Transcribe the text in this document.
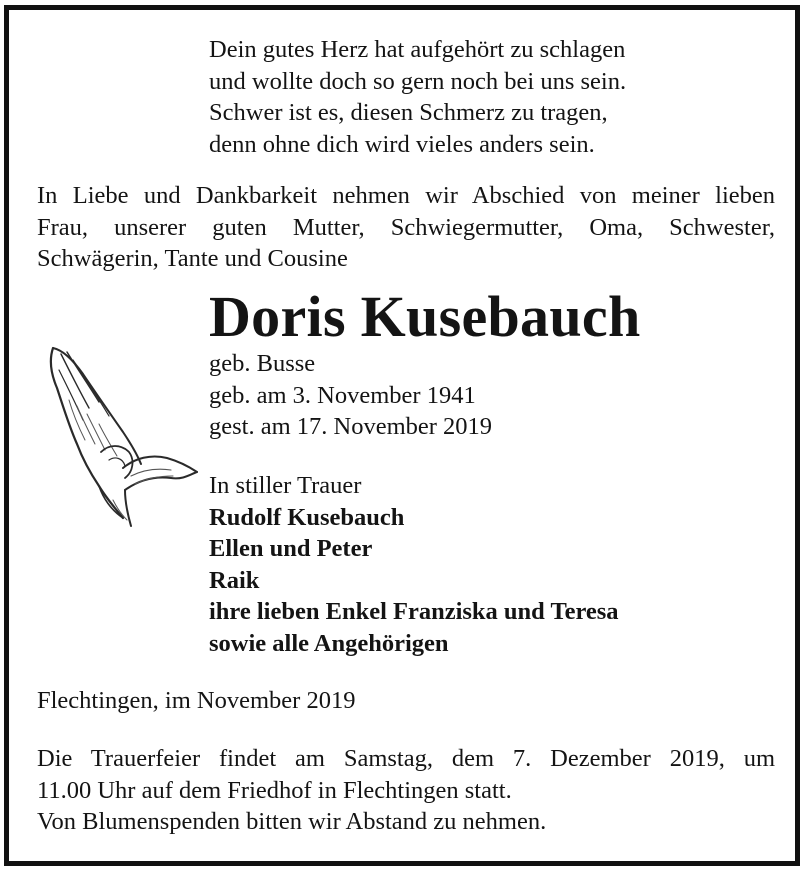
Dein gutes Herz hat aufgehört zu schlagen
und wollte doch so gern noch bei uns sein.
Schwer ist es, diesen Schmerz zu tragen,
denn ohne dich wird vieles anders sein.
In Liebe und Dankbarkeit nehmen wir Abschied von meiner lieben
Frau, unserer guten Mutter, Schwiegermutter, Oma, Schwester,
Schwägerin, Tante und Cousine
Doris Kusebauch
geb. Busse
geb. am 3. November 1941
gest. am 17. November 2019
In stiller Trauer
Rudolf Kusebauch
Ellen und Peter
Raik
ihre lieben Enkel Franziska und Teresa
sowie alle Angehörigen
Flechtingen, im November 2019
Die Trauerfeier findet am Samstag, dem 7. Dezember 2019, um
11.00 Uhr auf dem Friedhof in Flechtingen statt.
Von Blumenspenden bitten wir Abstand zu nehmen.
